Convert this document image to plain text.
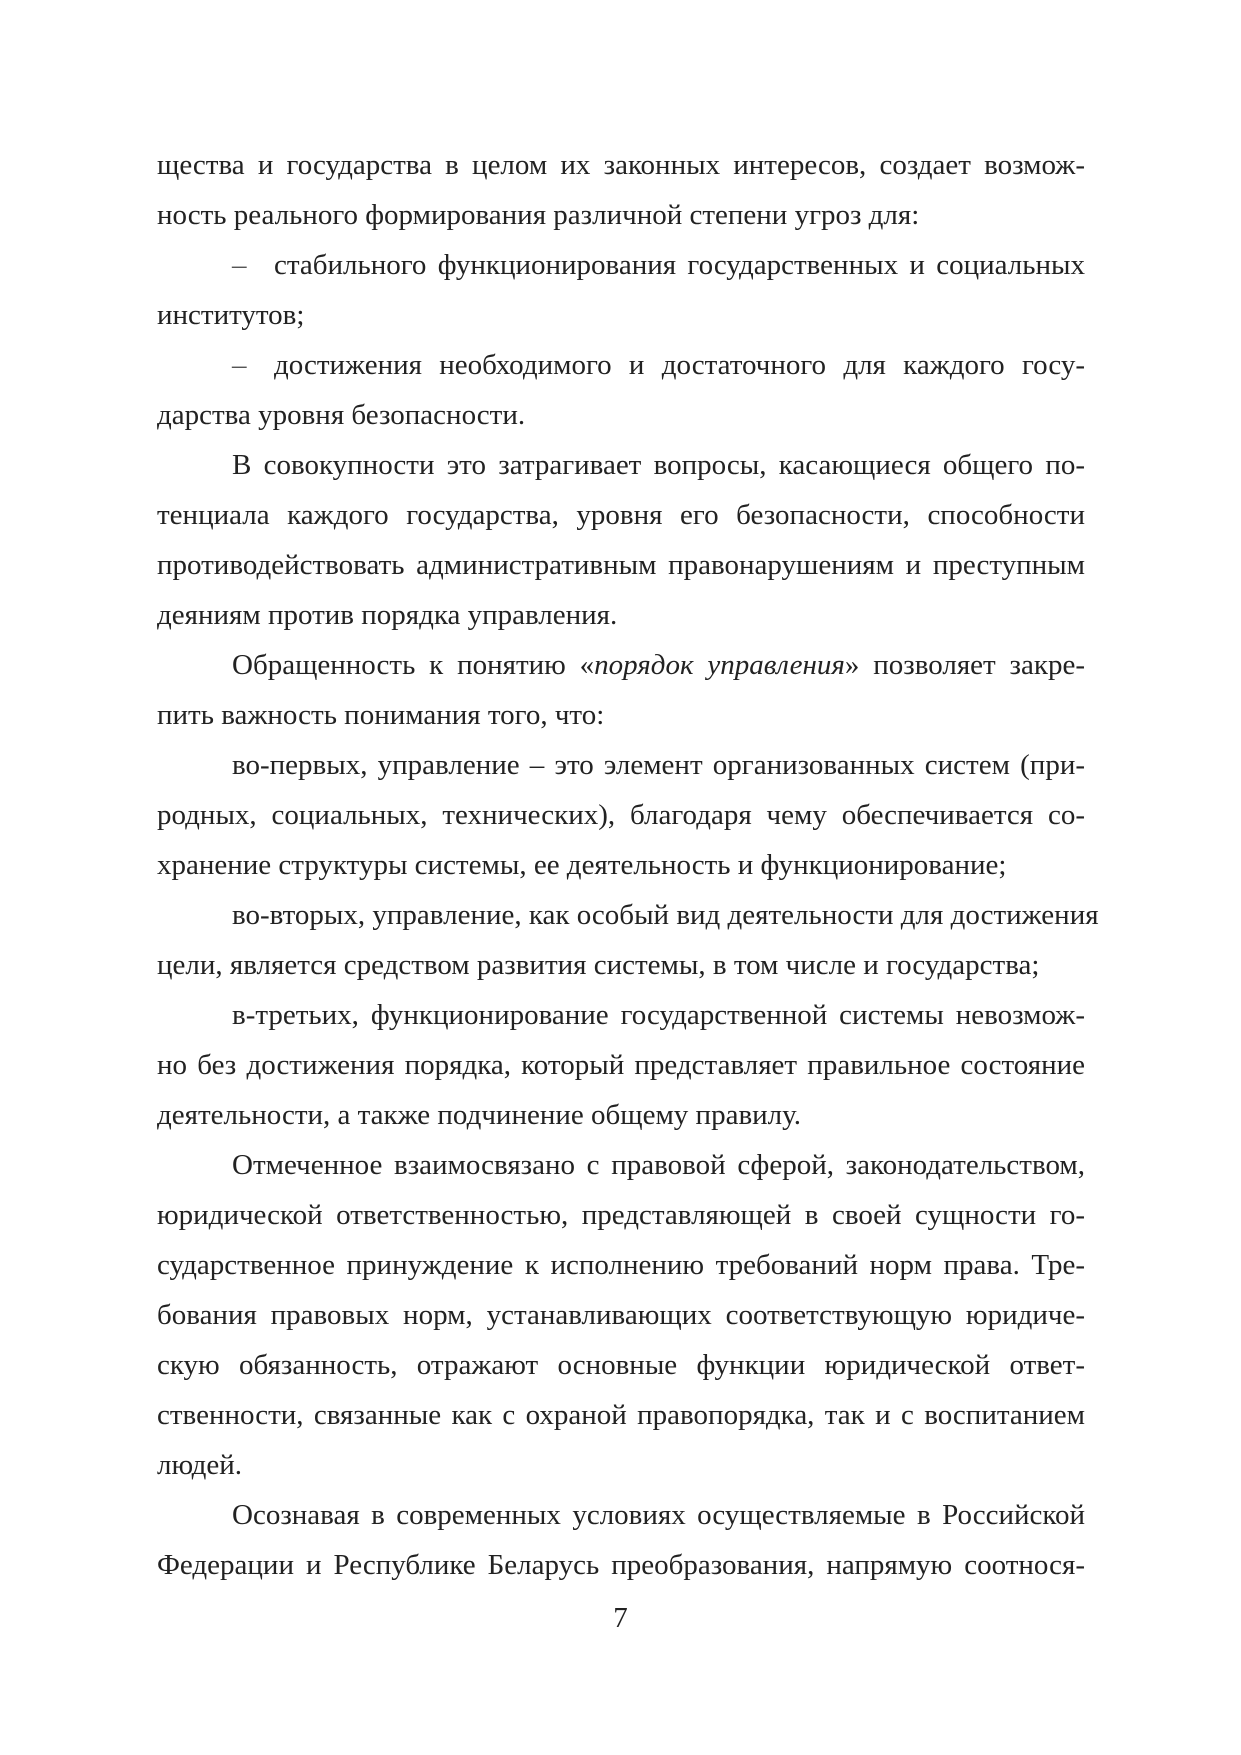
щества и государства в целом их законных интересов, создает возмож-
ность реального формирования различной степени угроз для:
– стабильного функционирования государственных и социальных
институтов;
– достижения необходимого и достаточного для каждого госу-
дарства уровня безопасности.
В совокупности это затрагивает вопросы, касающиеся общего по-
тенциала каждого государства, уровня его безопасности, способности
противодействовать административным правонарушениям и преступным
деяниям против порядка управления.
Обращенность к понятию «порядок управления» позволяет закре-
пить важность понимания того, что:
во-первых, управление – это элемент организованных систем (при-
родных, социальных, технических), благодаря чему обеспечивается со-
хранение структуры системы, ее деятельность и функционирование;
во-вторых, управление, как особый вид деятельности для достижения
цели, является средством развития системы, в том числе и государства;
в-третьих, функционирование государственной системы невозмож-
но без достижения порядка, который представляет правильное состояние
деятельности, а также подчинение общему правилу.
Отмеченное взаимосвязано с правовой сферой, законодательством,
юридической ответственностью, представляющей в своей сущности го-
сударственное принуждение к исполнению требований норм права. Тре-
бования правовых норм, устанавливающих соответствующую юридиче-
скую обязанность, отражают основные функции юридической ответ-
ственности, связанные как с охраной правопорядка, так и с воспитанием
людей.
Осознавая в современных условиях осуществляемые в Российской
Федерации и Республике Беларусь преобразования, напрямую соотнося-
7
